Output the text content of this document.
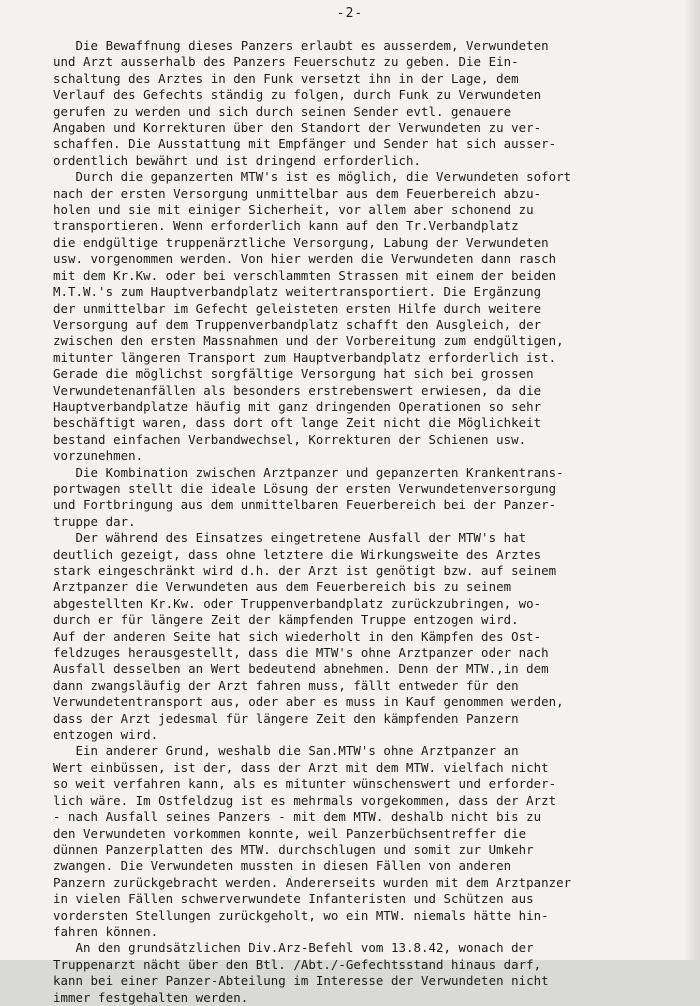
-2-
Die Bewaffnung dieses Panzers erlaubt es ausserdem, Verwundeten
und Arzt ausserhalb des Panzers Feuerschutz zu geben. Die Ein-
schaltung des Arztes in den Funk versetzt ihn in der Lage, dem
Verlauf des Gefechts ständig zu folgen, durch Funk zu Verwundeten
gerufen zu werden und sich durch seinen Sender evtl. genauere
Angaben und Korrekturen über den Standort der Verwundeten zu ver-
schaffen. Die Ausstattung mit Empfänger und Sender hat sich ausser-
ordentlich bewährt und ist dringend erforderlich.
Durch die gepanzerten MTW's ist es möglich, die Verwundeten sofort
nach der ersten Versorgung unmittelbar aus dem Feuerbereich abzu-
holen und sie mit einiger Sicherheit, vor allem aber schonend zu
transportieren. Wenn erforderlich kann auf den Tr.Verbandplatz
die endgültige truppenärztliche Versorgung, Labung der Verwundeten
usw. vorgenommen werden. Von hier werden die Verwundeten dann rasch
mit dem Kr.Kw. oder bei verschlammten Strassen mit einem der beiden
M.T.W.'s zum Hauptverbandplatz weitertransportiert. Die Ergänzung
der unmittelbar im Gefecht geleisteten ersten Hilfe durch weitere
Versorgung auf dem Truppenverbandplatz schafft den Ausgleich, der
zwischen den ersten Massnahmen und der Vorbereitung zum endgültigen,
mitunter längeren Transport zum Hauptverbandplatz erforderlich ist.
Gerade die möglichst sorgfältige Versorgung hat sich bei grossen
Verwundetenanfällen als besonders erstrebenswert erwiesen, da die
Hauptverbandplatze häufig mit ganz dringenden Operationen so sehr
beschäftigt waren, dass dort oft lange Zeit nicht die Möglichkeit
bestand einfachen Verbandwechsel, Korrekturen der Schienen usw.
vorzunehmen.
Die Kombination zwischen Arztpanzer und gepanzerten Krankentrans-
portwagen stellt die ideale Lösung der ersten Verwundetenversorgung
und Fortbringung aus dem unmittelbaren Feuerbereich bei der Panzer-
truppe dar.
Der während des Einsatzes eingetretene Ausfall der MTW's hat
deutlich gezeigt, dass ohne letztere die Wirkungsweite des Arztes
stark eingeschränkt wird d.h. der Arzt ist genötigt bzw. auf seinem
Arztpanzer die Verwundeten aus dem Feuerbereich bis zu seinem
abgestellten Kr.Kw. oder Truppenverbandplatz zurückzubringen, wo-
durch er für längere Zeit der kämpfenden Truppe entzogen wird.
Auf der anderen Seite hat sich wiederholt in den Kämpfen des Ost-
feldzuges herausgestellt, dass die MTW's ohne Arztpanzer oder nach
Ausfall desselben an Wert bedeutend abnehmen. Denn der MTW.,in dem
dann zwangsläufig der Arzt fahren muss, fällt entweder für den
Verwundetentransport aus, oder aber es muss in Kauf genommen werden,
dass der Arzt jedesmal für längere Zeit den kämpfenden Panzern
entzogen wird.
Ein anderer Grund, weshalb die San.MTW's ohne Arztpanzer an
Wert einbüssen, ist der, dass der Arzt mit dem MTW. vielfach nicht
so weit verfahren kann, als es mitunter wünschenswert und erforder-
lich wäre. Im Ostfeldzug ist es mehrmals vorgekommen, dass der Arzt
- nach Ausfall seines Panzers - mit dem MTW. deshalb nicht bis zu
den Verwundeten vorkommen konnte, weil Panzerbüchsentreffer die
dünnen Panzerplatten des MTW. durchschlugen und somit zur Umkehr
zwangen. Die Verwundeten mussten in diesen Fällen von anderen
Panzern zurückgebracht werden. Andererseits wurden mit dem Arztpanzer
in vielen Fällen schwerverwundete Infanteristen und Schützen aus
vordersten Stellungen zurückgeholt, wo ein MTW. niemals hätte hin-
fahren können.
An den grundsätzlichen Div.Arz-Befehl vom 13.8.42, wonach der
Truppenarzt nächt über den Btl. /Abt./-Gefechtsstand hinaus darf,
kann bei einer Panzer-Abteilung im Interesse der Verwundeten nicht
immer festgehalten werden.
